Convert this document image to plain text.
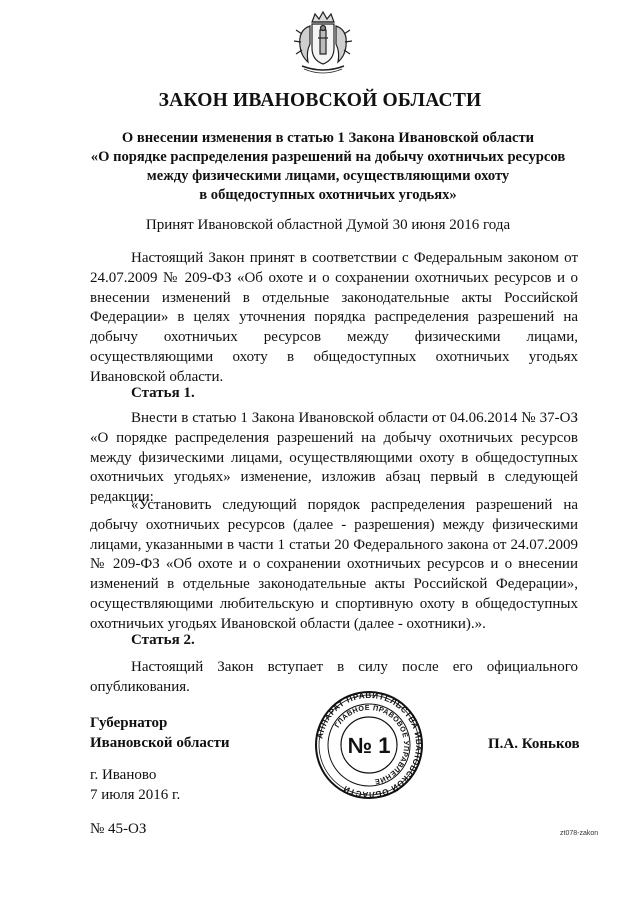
ЗАКОН ИВАНОВСКОЙ ОБЛАСТИ
О внесении изменения в статью 1 Закона Ивановской области
«О порядке распределения разрешений на добычу охотничьих ресурсов
между физическими лицами, осуществляющими охоту
в общедоступных охотничьих угодьях»
Принят Ивановской областной Думой 30 июня 2016 года

Настоящий Закон принят в соответствии с Федеральным законом от 24.07.2009 № 209-ФЗ «Об охоте и о сохранении охотничьих ресурсов и о внесении изменений в отдельные законодательные акты Российской Федерации» в целях уточнения порядка распределения разрешений на добычу охотничьих ресурсов между физическими лицами, осуществляющими охоту в общедоступных охотничьих угодьях Ивановской области.

Статья 1.

Внести в статью 1 Закона Ивановской области от 04.06.2014 № 37-ОЗ «О порядке распределения разрешений на добычу охотничьих ресурсов между физическими лицами, осуществляющими охоту в общедоступных охотничьих угодьях» изменение, изложив абзац первый в следующей редакции:

«Установить следующий порядок распределения разрешений на добычу охотничьих ресурсов (далее - разрешения) между физическими лицами, указанными в части 1 статьи 20 Федерального закона от 24.07.2009 № 209-ФЗ «Об охоте и о сохранении охотничьих ресурсов и о внесении изменений в отдельные законодательные акты Российской Федерации», осуществляющими любительскую и спортивную охоту в общедоступных охотничьих угодьях Ивановской области (далее - охотники).».

Статья 2.

Настоящий Закон вступает в силу после его официального опубликования.

Губернатор
Ивановской области	АППАРАТ ПРАВИТЕЛЬСТВА ИВАНОВСКОЙ ОБЛАСТИ
ГЛАВНОЕ ПРАВОВОЕ УПРАВЛЕНИЕ
№ 1	П.А. Коньков
г. Иваново
7 июля 2016 г.
№ 45-ОЗ	zt078-zakon
